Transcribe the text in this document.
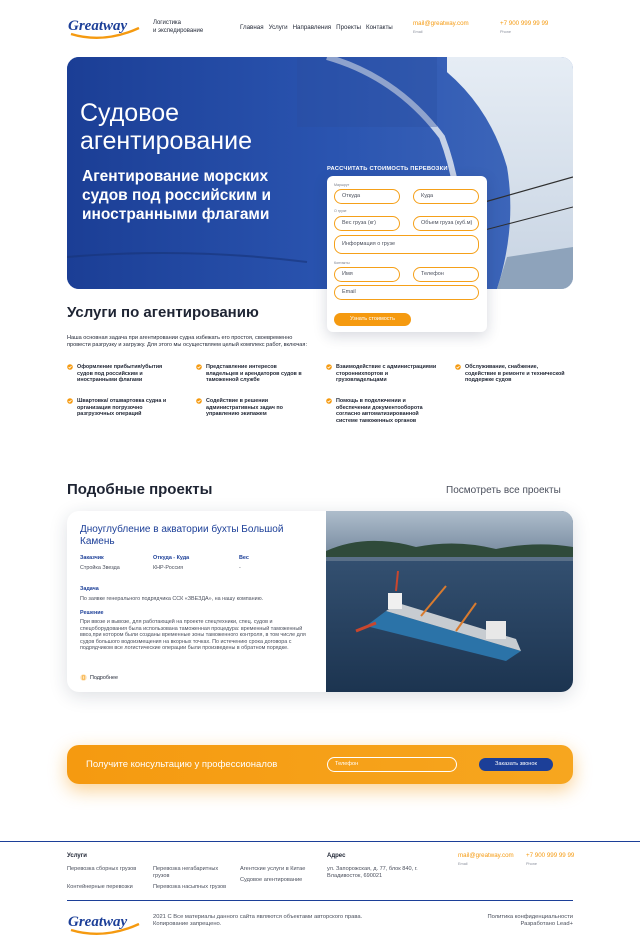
Greatway	Логистика
и экспедирование	Главная Услуги Направления Проекты Контакты
mail@greatway.com
Email
+7 900 999 99 99
Phone
Судовое агентирование
Агентирование морских судов под российским и иностранными флагами
РАССЧИТАТЬ СТОИМОСТЬ ПЕРЕВОЗКИ
Маршрут
Откуда	Куда
О грузе
Вес груза (кг)	Объем груза (куб.м)
Информация о грузе
Контакты
Имя	Телефон
Email
Узнать стоимость
Услуги по агентированию
Наша основная задача при агентировании судна избежать его простоя, своевременно провести разгрузку и загрузку. Для этого мы осуществляем целый комплекс работ, включая:
Оформление прибытия/убытия судов под российским и иностранными флагами
Представление интересов владельцев и арендаторов судов в таможенной службе
Взаимодействие с администрациями стороннихпортов и грузовладельцами
Обслуживание, снабжение, содействие в ремонте и технической поддержке судов
Швартовка/ отшвартовка судна и организация погрузочно разгрузочных операций
Содействие в решении административных задач по управлению экипажем
Помощь в подключении и обеспечении документооборота согласно автоматизированной системе таможенных органов
Подобные проекты	Посмотреть все проекты
Дноуглубление в акватории бухты Большой Камень
Заказчик
Стройка Звезда
Откуда - Куда
КНР-Россия
Вес
-
Задача
По заявке генерального подрядчика ССК «ЗВЕЗДА», на нашу компанию.
Решение
При ввозе и вывозе, для работающей на проекте спецтехники, спец. судов и спецоборудования была использована таможенная процедура: временный таможенный ввоз,при котором были созданы временные зоны таможенного контроля, в том числе для судов большого водоизмещения на вкорных точках. По истечению срока договора с подрядчиком все логистические операции были произведены в обратном порядке.
Подробнее
Получите консультацию у профессионалов	Телефон	Заказать звонок
Услуги
Перевозка сборных грузов
Контейнерные перевозки
Перевозка негабаритных грузов
Перевозка насыпных грузов
Агентские услуги в Китае
Судовое агентирование
Адрес
ул. Запорожская, д. 77, блок 840, г. Владивосток, 690021
mail@greatway.com
Email
+7 900 999 99 99
Phone
Greatway	2021 С Все материалы данного сайта являются объектами авторского права. Копирование запрещено.
Политика конфиденциальности
Разработано Lead+
